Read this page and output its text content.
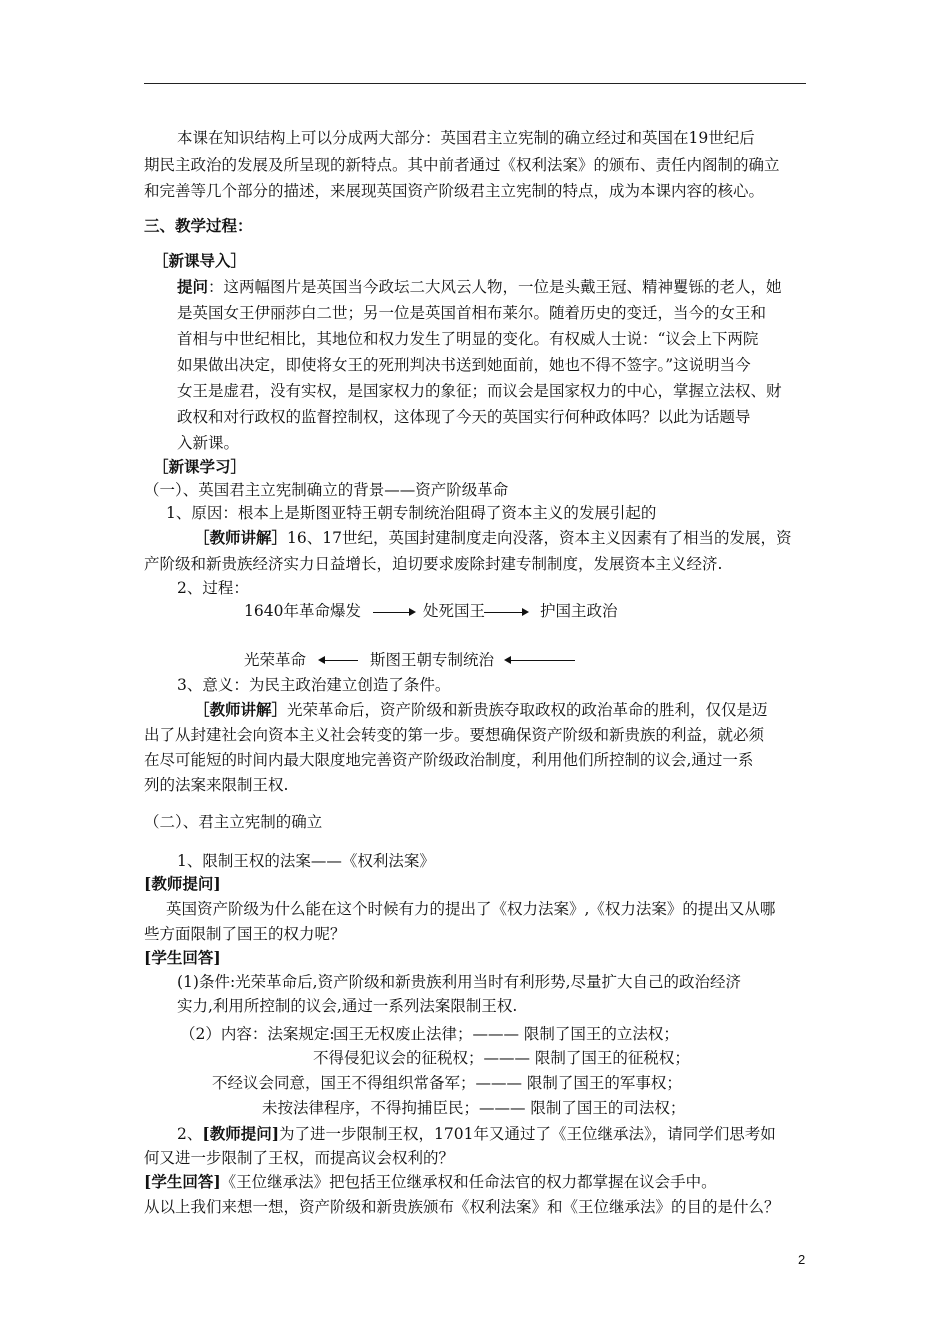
本课在知识结构上可以分成两大部分：英国君主立宪制的确立经过和英国在19世纪后
期民主政治的发展及所呈现的新特点。其中前者通过《权利法案》的颁布、责任内阁制的确立
和完善等几个部分的描述，来展现英国资产阶级君主立宪制的特点，成为本课内容的核心。
三、教学过程：
［新课导入］
提问：这两幅图片是英国当今政坛二大风云人物，一位是头戴王冠、精神矍铄的老人，她
是英国女王伊丽莎白二世；另一位是英国首相布莱尔。随着历史的变迁，当今的女王和
首相与中世纪相比，其地位和权力发生了明显的变化。有权威人士说：“议会上下两院
如果做出决定，即使将女王的死刑判决书送到她面前，她也不得不签字。”这说明当今
女王是虚君，没有实权，是国家权力的象征；而议会是国家权力的中心，掌握立法权、财
政权和对行政权的监督控制权，这体现了今天的英国实行何种政体吗？以此为话题导
入新课。
［新课学习］
（一）、英国君主立宪制确立的背景——资产阶级革命
1、原因：根本上是斯图亚特王朝专制统治阻碍了资本主义的发展引起的
［教师讲解］16、17世纪，英国封建制度走向没落，资本主义因素有了相当的发展，资
产阶级和新贵族经济实力日益增长，迫切要求废除封建专制制度，发展资本主义经济.
2、过程：
1640年革命爆发	处死国王	护国主政治
光荣革命	斯图王朝专制统治
3、意义：为民主政治建立创造了条件。
［教师讲解］光荣革命后，资产阶级和新贵族夺取政权的政治革命的胜利，仅仅是迈
出了从封建社会向资本主义社会转变的第一步。要想确保资产阶级和新贵族的利益，就必须
在尽可能短的时间内最大限度地完善资产阶级政治制度，利用他们所控制的议会,通过一系
列的法案来限制王权.
（二）、君主立宪制的确立
1、限制王权的法案——《权利法案》
[教师提问]
英国资产阶级为什么能在这个时候有力的提出了《权力法案》,《权力法案》的提出又从哪
些方面限制了国王的权力呢？
[学生回答]
(1)条件:光荣革命后,资产阶级和新贵族利用当时有利形势,尽量扩大自己的政治经济
实力,利用所控制的议会,通过一系列法案限制王权.
（2）内容：法案规定:
国王无权废止法律；——— 限制了国王的立法权；
不得侵犯议会的征税权；——— 限制了国王的征税权；
不经议会同意，国王不得组织常备军；——— 限制了国王的军事权；
未按法律程序，不得拘捕臣民；——— 限制了国王的司法权；
2、[教师提问]为了进一步限制王权，1701年又通过了《王位继承法》，请同学们思考如
何又进一步限制了王权，而提高议会权利的？
[学生回答]《王位继承法》把包括王位继承权和任命法官的权力都掌握在议会手中。
从以上我们来想一想，资产阶级和新贵族颁布《权利法案》和《王位继承法》的目的是什么？
2
